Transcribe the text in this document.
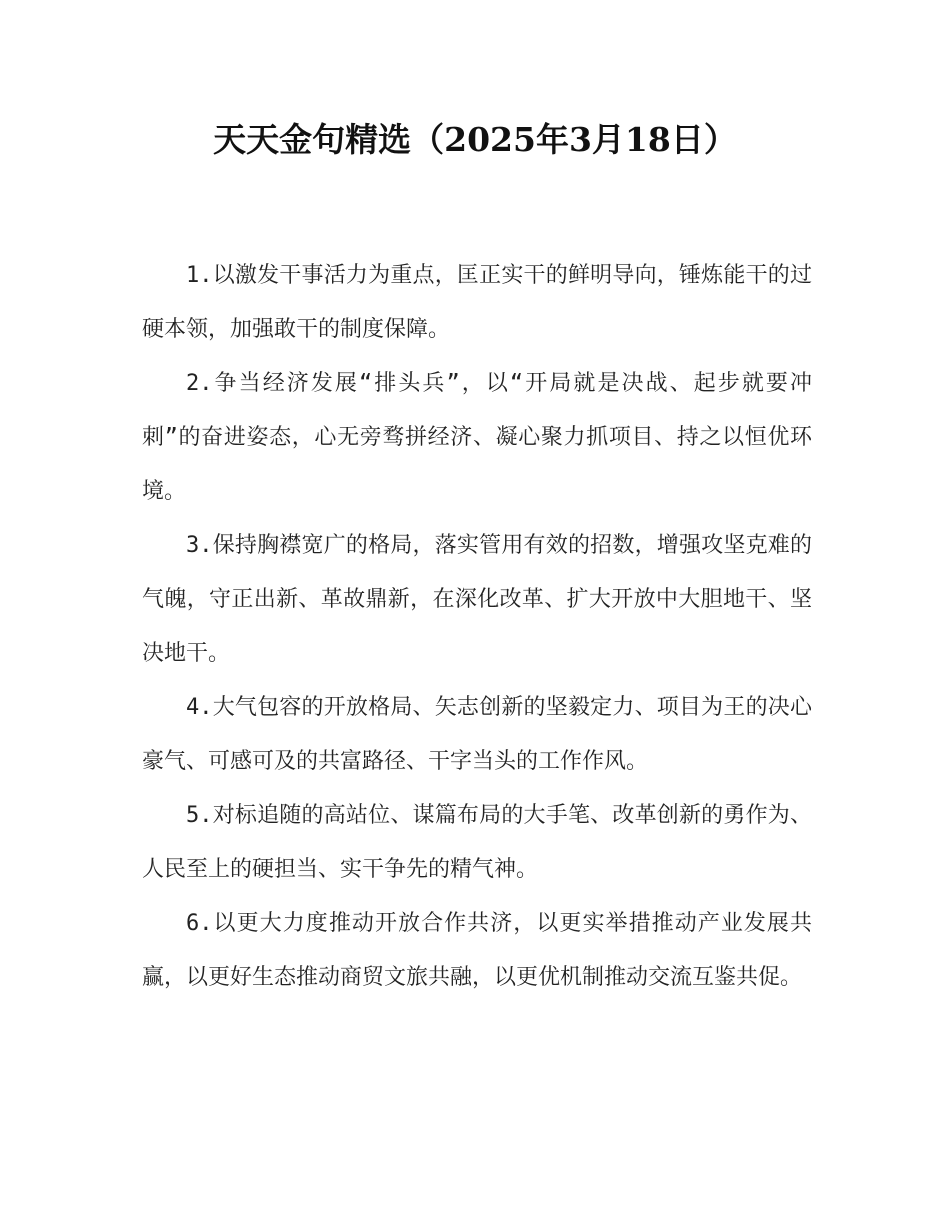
天天金句精选（2025年3月18日）

1.以激发干事活力为重点，匡正实干的鲜明导向，锤炼能干的过硬本领，加强敢干的制度保障。

2.争当经济发展“排头兵”，以“开局就是决战、起步就要冲刺”的奋进姿态，心无旁骛拼经济、凝心聚力抓项目、持之以恒优环境。

3.保持胸襟宽广的格局，落实管用有效的招数，增强攻坚克难的气魄，守正出新、革故鼎新，在深化改革、扩大开放中大胆地干、坚决地干。

4.大气包容的开放格局、矢志创新的坚毅定力、项目为王的决心豪气、可感可及的共富路径、干字当头的工作作风。

5.对标追随的高站位、谋篇布局的大手笔、改革创新的勇作为、人民至上的硬担当、实干争先的精气神。

6.以更大力度推动开放合作共济，以更实举措推动产业发展共赢，以更好生态推动商贸文旅共融，以更优机制推动交流互鉴共促。
